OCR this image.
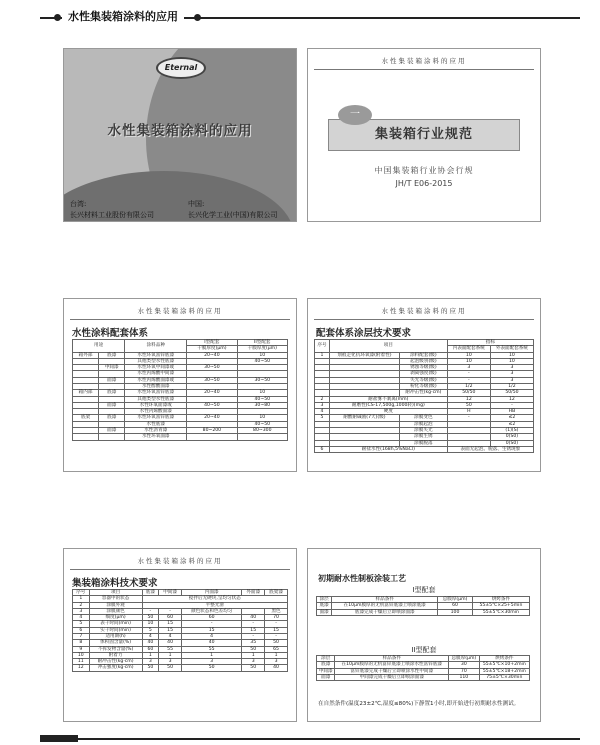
水性集装箱涂料的应用
Eternal
水性集装箱涂料的应用
台湾:
长兴材料工业股份有限公司
中国:
长兴化学工业(中国)有限公司
水性集装箱涂料的应用
集装箱行业规范
一
中国集装箱行业协会行规
JH/T E06-2015
水性集装箱涂料的应用
水性涂料配套体系
用途		涂料品种	I型配套	II型配套
			干膜厚度(μm)	干膜厚度(μm)
箱外部	底漆	水性环氧富锌底漆	20~40	10
		其他类型水性底漆		40~50
	中间漆	水性环氧中间漆或	30~50	
		水性丙烯酸中间漆		
	面漆	水性丙烯酸面漆或	30~50	30~50
		水性醇酸面漆		
箱内部	底漆	水性环氧富锌底漆	20~40	10
		其他类型水性底漆		40~50
	面漆	水性环氧面漆或	40~50	30~80
		水性丙烯酸面漆		
底架	底漆	水性环氧富锌底漆	20~40	10
		水性底漆		40~50
	面漆	水性沥青漆	80~200	80~300
		水性环氧面漆		
水性集装箱涂料的应用
配套体系涂层技术要求
序号	项目		指标	
			内表面配套系统	外表面配套系统
1	划痕走化抗环氧漆(附着性)	涂料配套(级)	10	10
		起泡级别(级)	10	10
		锈蚀等级(级)	3	3
		剥离强度(级)	-	3
		失光等级(级)	-	3
		粉化等级(级)	1/2	1/2
		耐冲击性(kg·cm)	50/50	50/50
2	耐盐雾不剥离(mm)		12	12
3	耐磨性(CS-17,500g,1000转)(mg)		50	-
4	硬度		H	HB
5	耐酸耐碱液(7天)(级)	涂膜变色	-	≤2
		涂膜起泡		≤2
		涂膜失光		(1)(S)
		涂膜生锈		0(S0)
		涂膜脱落		0(S0)
6	耐盐水性(168h,5%NaCl)		表面无起泡、脱落、生锈现象	
水性集装箱涂料的应用
集装箱涂料技术要求
序号	项目	底漆	中间漆	内面漆	外面漆	底架漆
1	容器中的状态	搅拌后无硬块,呈均匀状态				
2	涂膜外观	平整光滑				
3	涂膜颜色	-	-	颜色状态和色差均匀		黑色
4	细度(μm)	50	60	60	40	70
5	表干时间(min)	10	15	-	-	-
6	实干时间(min)	5	15	15	15	15
7	适用期(h)	4	4	4	-	-
8	体积固含量(%)	40	40	40	35	50
9	不挥发物含量(%)	60	55	55	50	65
10	附着力	1	1	1	1	1
11	耐冲击性(kg·cm)	3	3	3	3	3
12	冲击强度(kg·cm)	50	50	50	50	40
初期耐水性制板涂装工艺
I型配套
涂层	样品条件	总膜厚(μm)	烘烤条件
底漆	在10μm膜厚的无机富锌底漆上喷涂底漆	60	55±5℃×25+5min
面漆	底漆完成干燥后立即喷涂面漆	100	55±5℃×30min
II型配套
涂层	样品条件	总膜厚(μm)	烘烤条件
底漆	在10μm膜厚的无机富锌底漆上喷涂水性富锌底漆	30	55±5℃×10+2min
中间漆	富锌底漆完成干燥后立即喷涂水性中间漆	70	55±5℃×18+2min
面漆	中间漆完成干燥后立即喷涂面漆	110	75±5℃×30min
在自然条件(温度23±2℃,湿度≤80%)下静置1小时,即开始进行初期耐水性测试。
